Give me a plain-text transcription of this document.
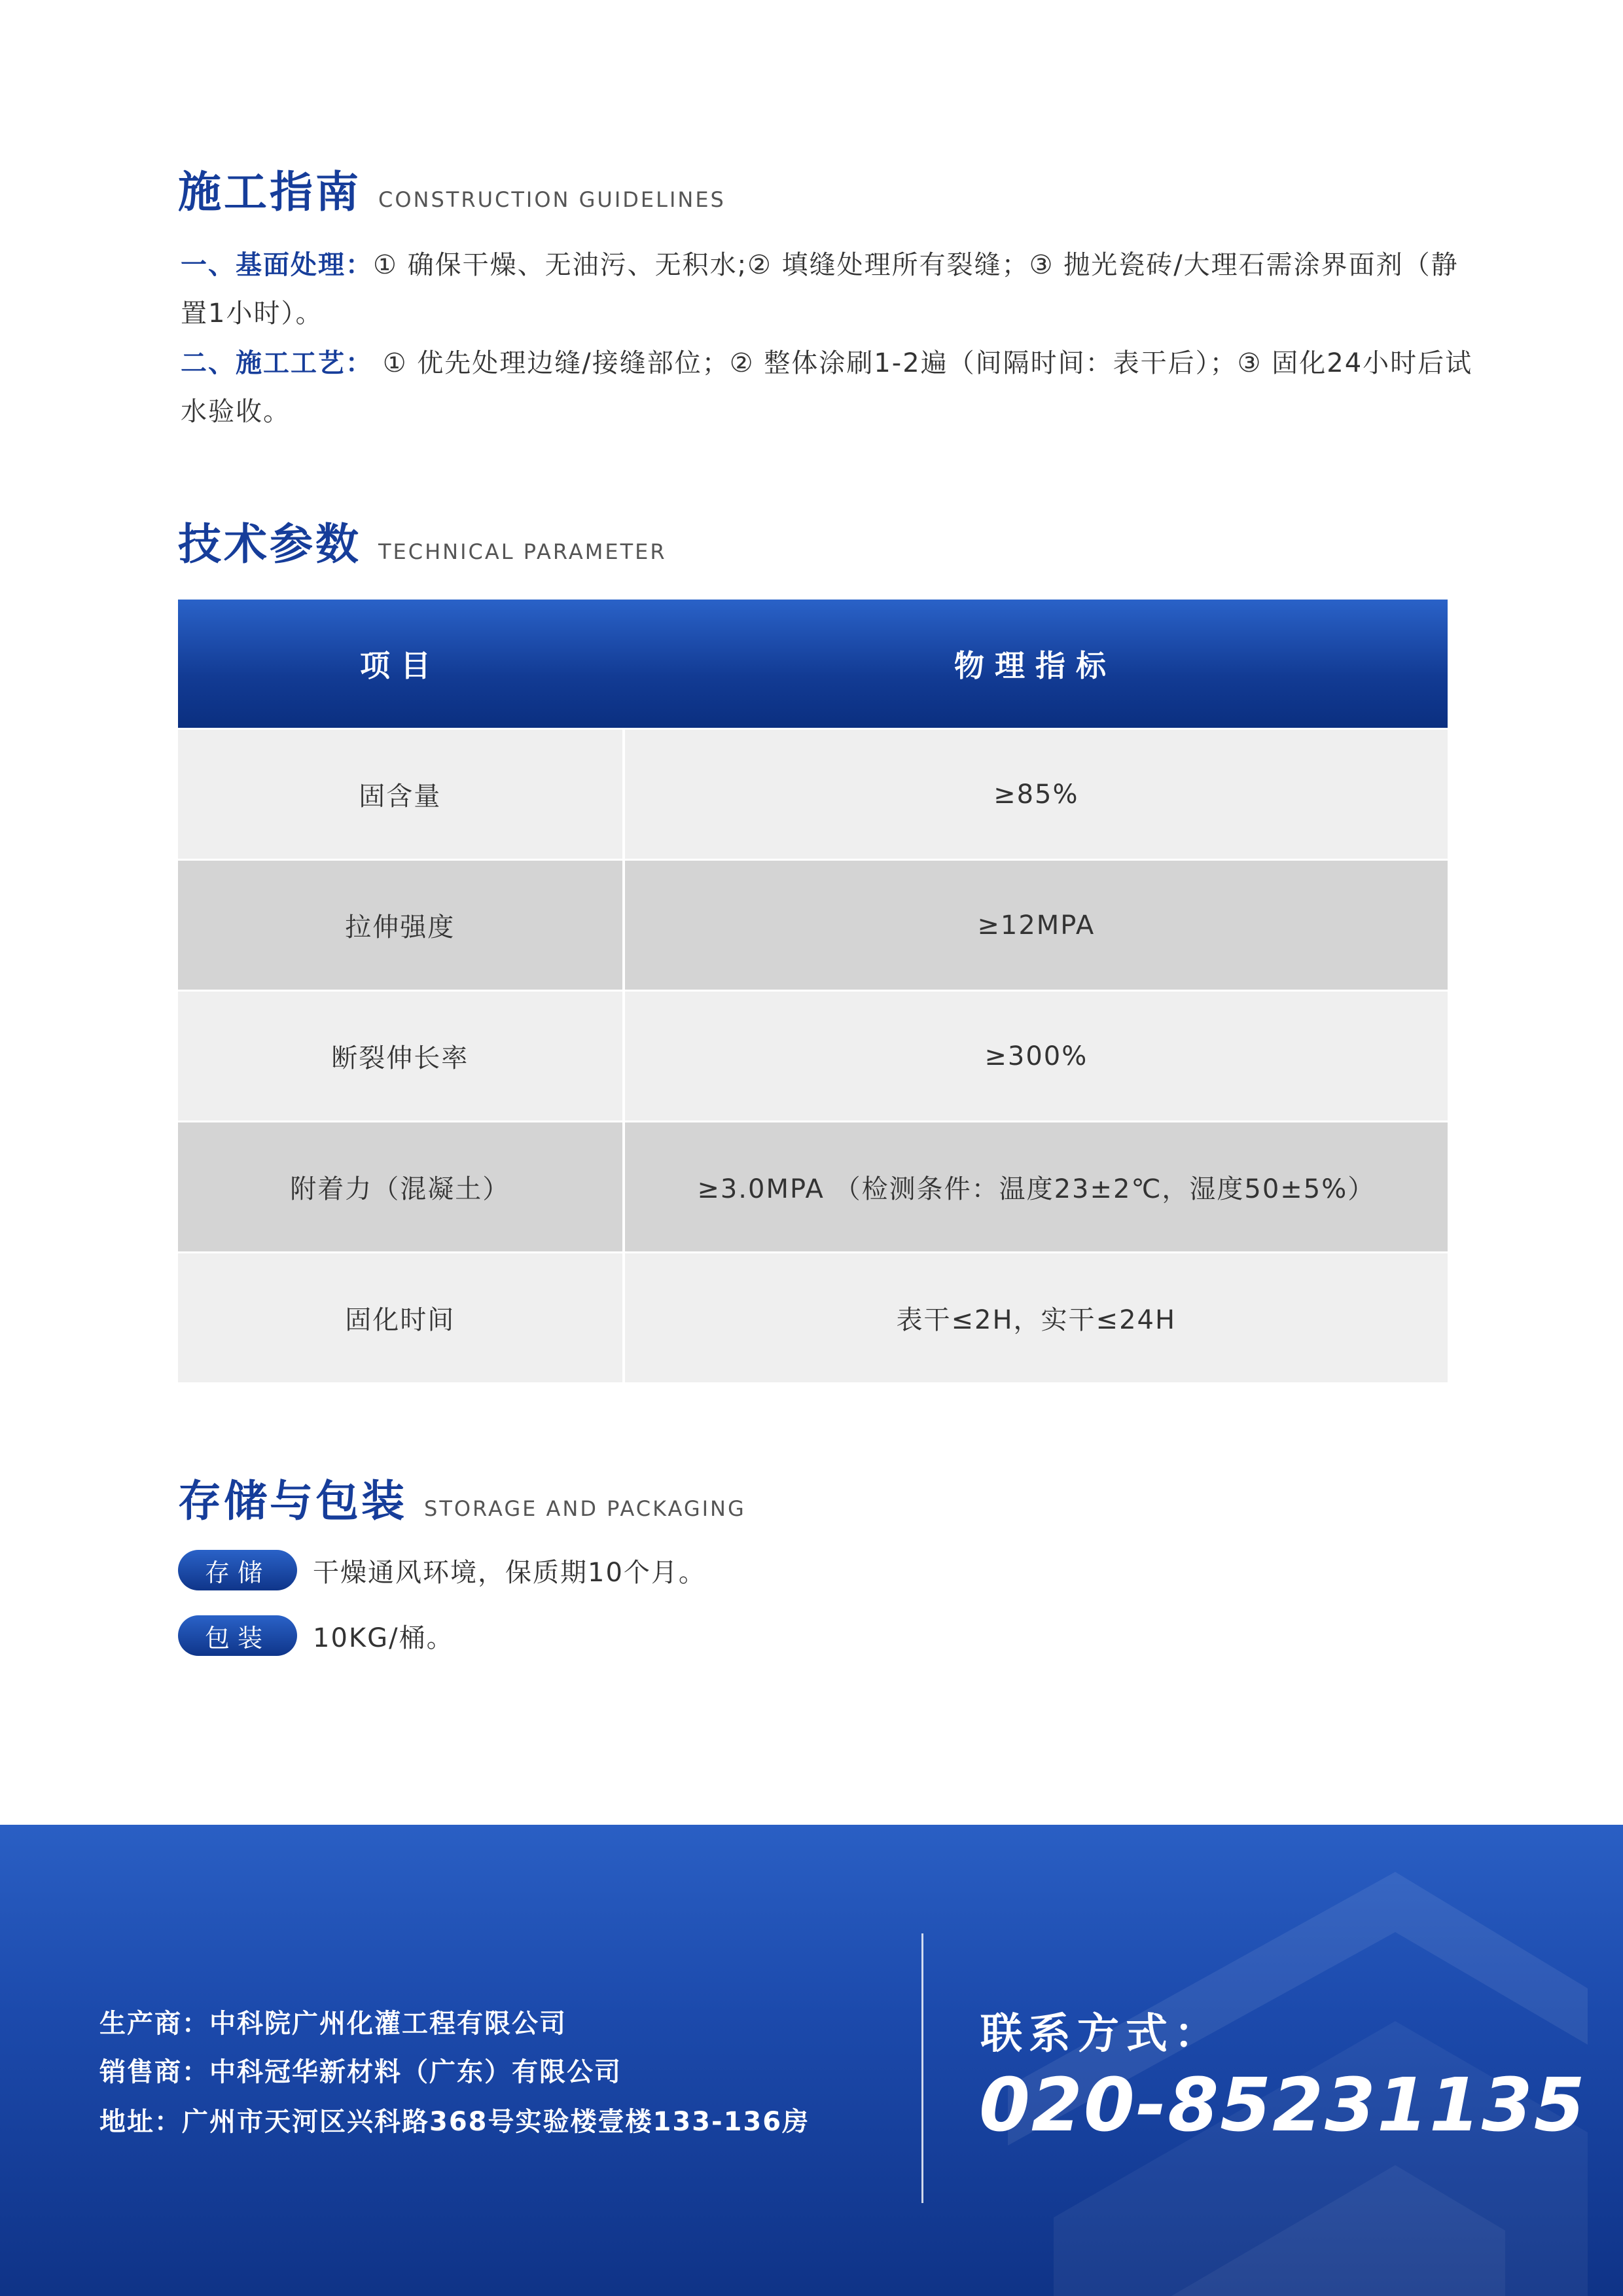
施工指南 CONSTRUCTION GUIDELINES
一、基面处理：① 确保干燥、无油污、无积水;② 填缝处理所有裂缝；③ 抛光瓷砖/大理石需涂界面剂（静置1小时）。
二、施工工艺： ① 优先处理边缝/接缝部位；② 整体涂刷1-2遍（间隔时间：表干后）；③ 固化24小时后试水验收。
技术参数 TECHNICAL PARAMETER
项目	物理指标
固含量	≥85%
拉伸强度	≥12MPA
断裂伸长率	≥300%
附着力（混凝土）	≥3.0MPA （检测条件：温度23±2℃，湿度50±5%）
固化时间	表干≤2H，实干≤24H
存储与包装 STORAGE AND PACKAGING
存储	干燥通风环境，保质期10个月。
包装	10KG/桶。
生产商：中科院广州化灌工程有限公司
销售商：中科冠华新材料（广东）有限公司
地址：广州市天河区兴科路368号实验楼壹楼133-136房
联系方式：
020-85231135
